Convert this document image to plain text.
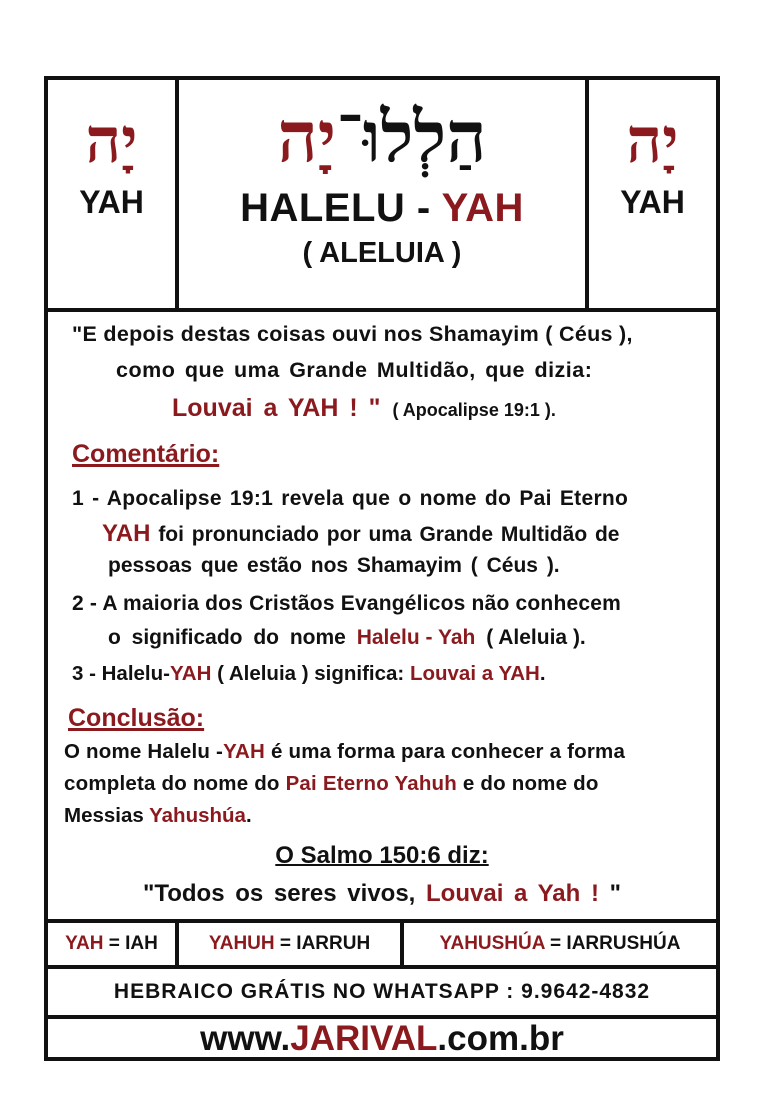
יָה
YAH
הַלְלוּ־יָה
HALELU - YAH
( ALELUIA )
יָה
YAH
"E depois destas coisas ouvi nos Shamayim ( Céus ),
como que uma Grande Multidão, que dizia:
Louvai a YAH ! " ( Apocalipse 19:1 ).
Comentário:
1 - Apocalipse 19:1 revela que o nome do Pai Eterno
YAH foi pronunciado por uma Grande Multidão de
pessoas que estão nos Shamayim ( Céus ).
2 - A maioria dos Cristãos Evangélicos não conhecem
o significado do nome Halelu - Yah ( Aleluia ).
3 - Halelu-YAH ( Aleluia ) significa: Louvai a YAH.
Conclusão:
O nome Halelu -YAH é uma forma para conhecer a forma
completa do nome do Pai Eterno Yahuh e do nome do
Messias Yahushúa.
O Salmo 150:6 diz:
"Todos os seres vivos, Louvai a Yah ! "
YAH = IAH	YAHUH = IARRUH	YAHUSHÚA = IARRUSHÚA
HEBRAICO GRÁTIS NO WHATSAPP : 9.9642-4832
www.JARIVAL.com.br
